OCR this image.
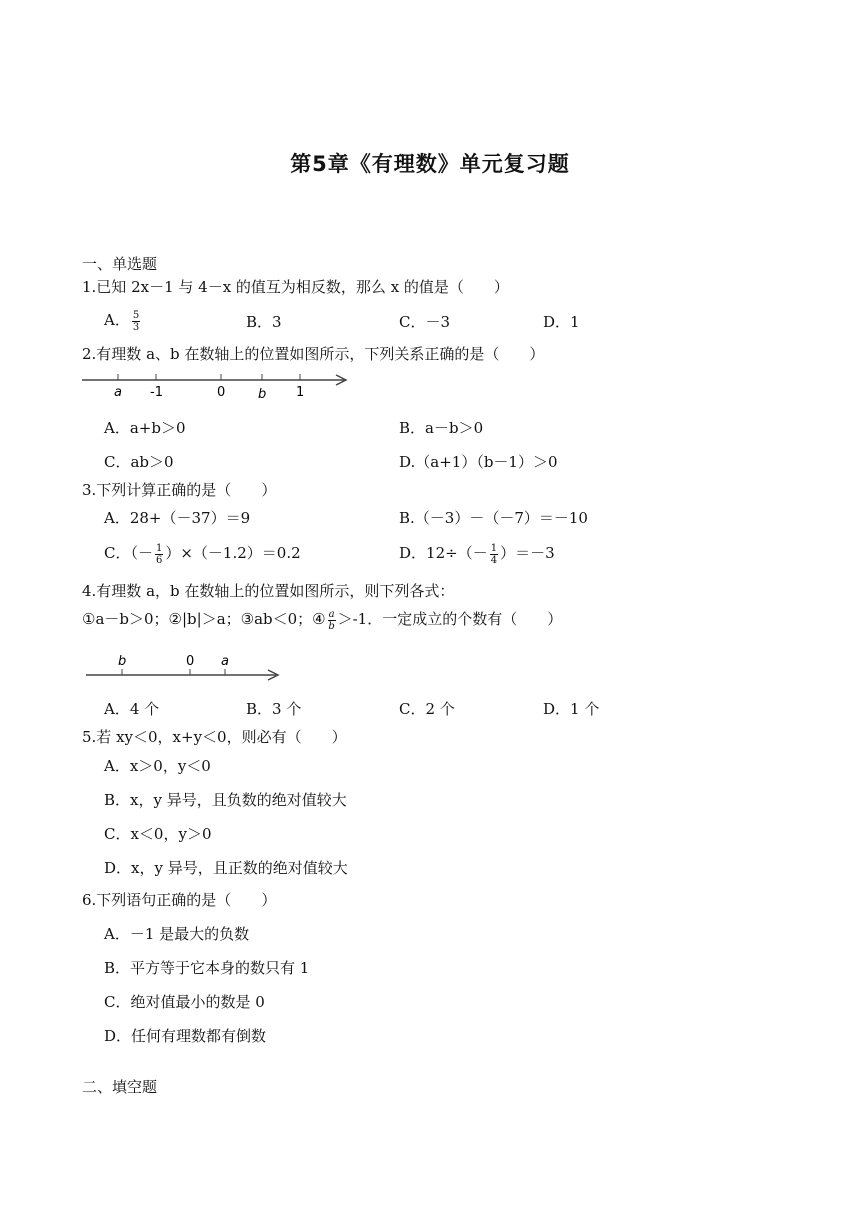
第5章《有理数》单元复习题
一、单选题
1.已知 2x－1 与 4－x 的值互为相反数，那么 x 的值是（　　）
A． $\frac{5}{3}$	B．3	C．－3	D．1
2.有理数 a、b 在数轴上的位置如图所示，下列关系正确的是（　　）
a -1	0	b 1
A．a+b＞0	B．a－b＞0
C．ab＞0	D.（a+1）（b－1）＞0
3.下列计算正确的是（　　）
A．28+（－37）＝9	B.（－3）－（－7）＝－10
C．（－ $\frac{1}{6} )\times(-1.2)=0.2$	D．$12\div(- \frac{1}{4} )=-3$
4.有理数 a，b 在数轴上的位置如图所示，则下列各式：
①a－b＞0；②|b|＞a；③ab＜0；④ $\frac{a}{b} >-1$．一定成立的个数有（　　）
b	0 a
A．4 个	B．3 个	C．2 个	D．1 个
5.若 xy＜0，x+y＜0，则必有（　　）
A．x＞0，y＜0
B．x，y 异号，且负数的绝对值较大
C．x＜0，y＞0
D．x，y 异号，且正数的绝对值较大
6.下列语句正确的是（　　）
A．－1 是最大的负数
B．平方等于它本身的数只有 1
C．绝对值最小的数是 0
D．任何有理数都有倒数
二、填空题
